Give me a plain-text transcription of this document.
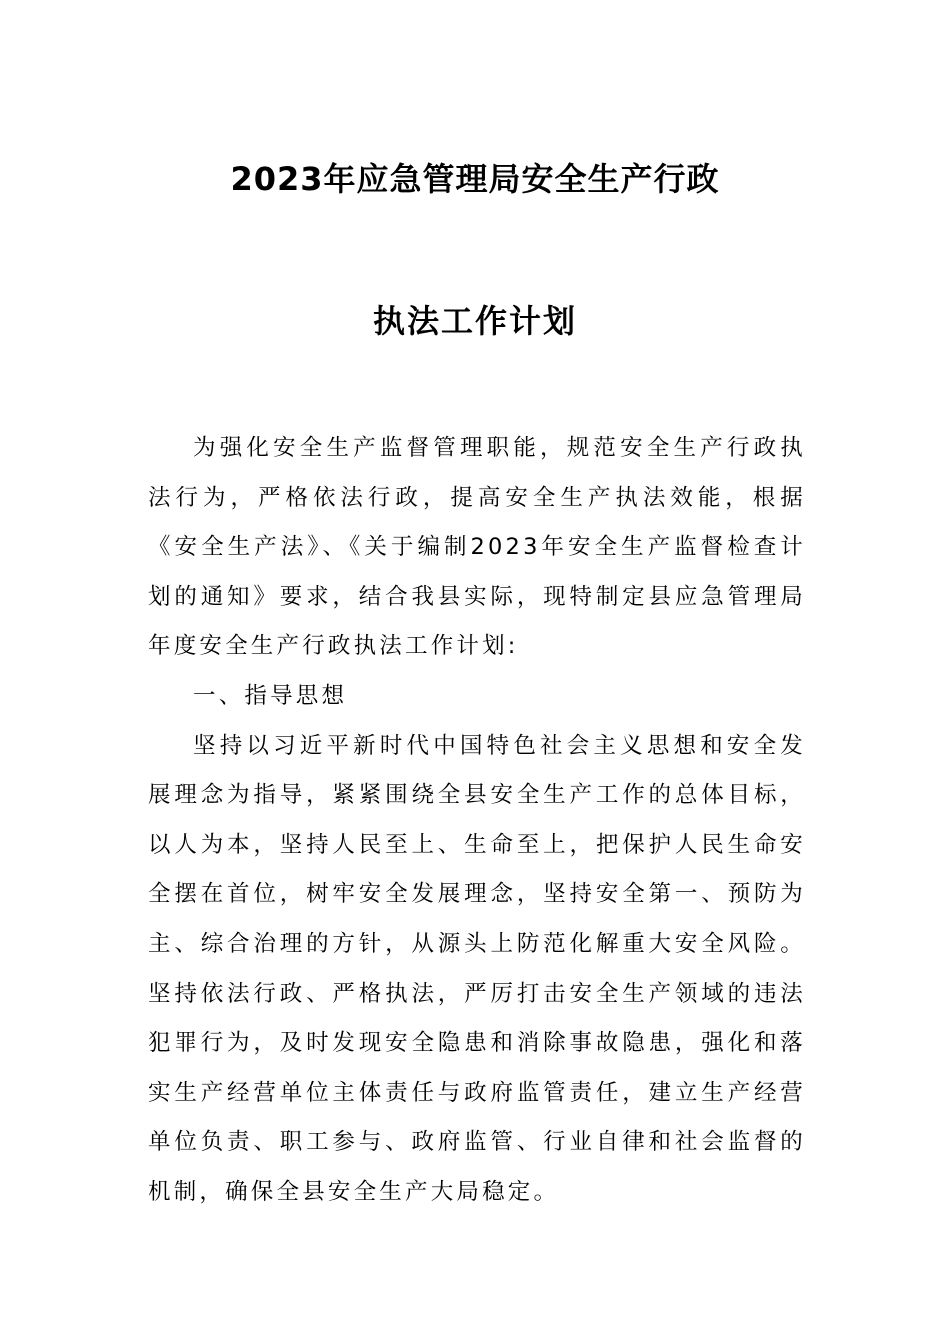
2023年应急管理局安全生产行政
执法工作计划

为强化安全生产监督管理职能，规范安全生产行政执法行为，严格依法行政，提高安全生产执法效能，根据《安全生产法》、《关于编制2023年安全生产监督检查计划的通知》要求，结合我县实际，现特制定县应急管理局年度安全生产行政执法工作计划:

一、指导思想

坚持以习近平新时代中国特色社会主义思想和安全发展理念为指导，紧紧围绕全县安全生产工作的总体目标，以人为本，坚持人民至上、生命至上，把保护人民生命安全摆在首位，树牢安全发展理念，坚持安全第一、预防为主、综合治理的方针，从源头上防范化解重大安全风险。坚持依法行政、严格执法，严厉打击安全生产领域的违法犯罪行为，及时发现安全隐患和消除事故隐患，强化和落实生产经营单位主体责任与政府监管责任，建立生产经营单位负责、职工参与、政府监管、行业自律和社会监督的机制，确保全县安全生产大局稳定。
